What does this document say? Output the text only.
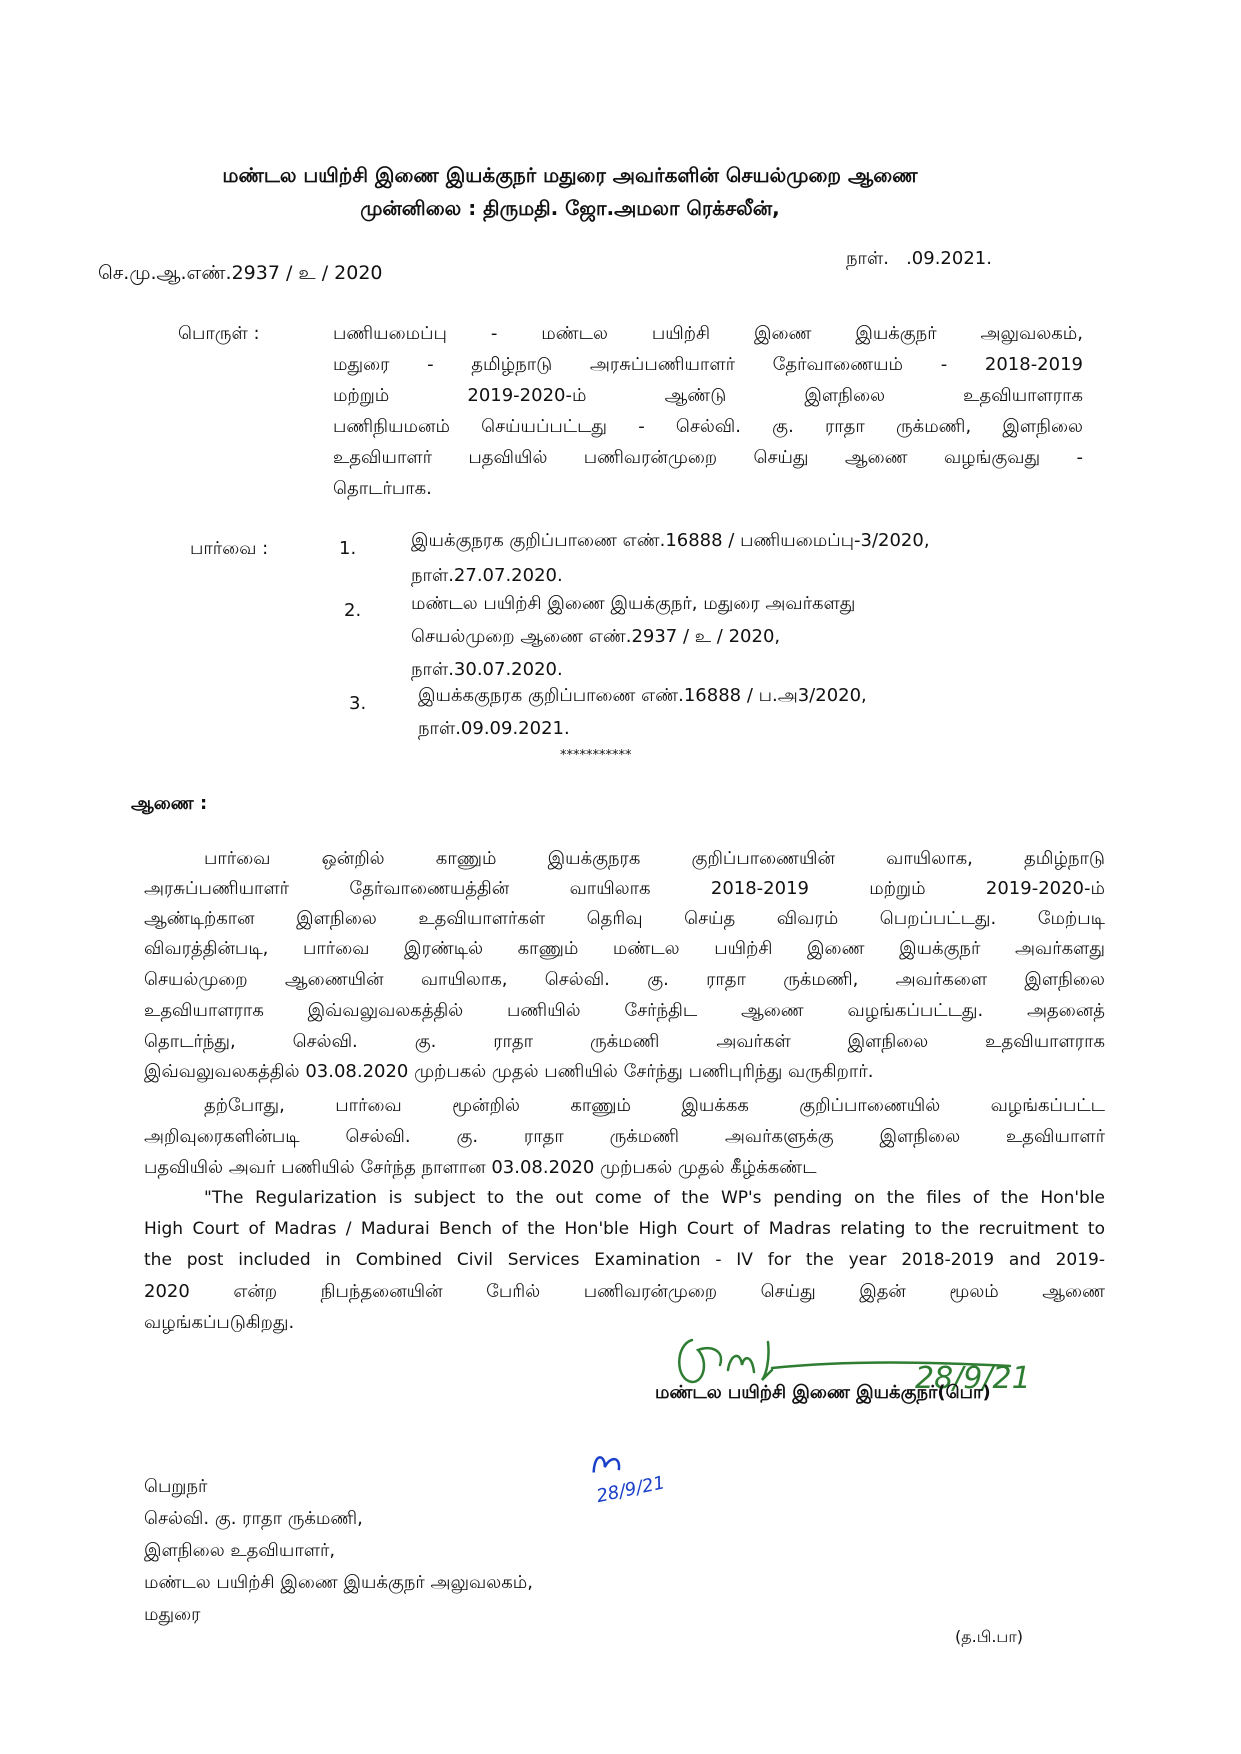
மண்டல பயிற்சி இணை இயக்குநர் மதுரை அவர்களின் செயல்முறை ஆணை
முன்னிலை : திருமதி. ஜோ.அமலா ரெக்சலீன்,
செ.மு.ஆ.எண்.2937 / உ / 2020
நாள்.   .09.2021.
பொருள் :	பணியமைப்பு - மண்டல பயிற்சி இணை இயக்குநர் அலுவலகம்,
மதுரை - தமிழ்நாடு அரசுப்பணியாளர் தேர்வாணையம் - 2018-2019
மற்றும் 2019-2020-ம் ஆண்டு இளநிலை உதவியாளராக
பணிநியமனம் செய்யப்பட்டது - செல்வி. கு. ராதா ருக்மணி, இளநிலை
உதவியாளர் பதவியில் பணிவரன்முறை செய்து ஆணை வழங்குவது -
தொடர்பாக.
பார்வை :	1.	இயக்குநரக குறிப்பாணை எண்.16888 / பணியமைப்பு-3/2020,
நாள்.27.07.2020.
2.	மண்டல பயிற்சி இணை இயக்குநர், மதுரை அவர்களது
செயல்முறை ஆணை எண்.2937 / உ / 2020,
நாள்.30.07.2020.
3.	இயக்ககுநரக குறிப்பாணை எண்.16888 / ப.அ3/2020,
நாள்.09.09.2021.
***********
ஆணை :
பார்வை ஒன்றில் காணும் இயக்குநரக குறிப்பாணையின் வாயிலாக, தமிழ்நாடு
அரசுப்பணியாளர் தேர்வாணையத்தின் வாயிலாக 2018-2019 மற்றும் 2019-2020-ம்
ஆண்டிற்கான இளநிலை உதவியாளர்கள் தெரிவு செய்த விவரம் பெறப்பட்டது. மேற்படி
விவரத்தின்படி, பார்வை இரண்டில் காணும் மண்டல பயிற்சி இணை இயக்குநர் அவர்களது
செயல்முறை ஆணையின் வாயிலாக, செல்வி. கு. ராதா ருக்மணி, அவர்களை இளநிலை
உதவியாளராக இவ்வலுவலகத்தில் பணியில் சேர்ந்திட ஆணை வழங்கப்பட்டது. அதனைத்
தொடர்ந்து, செல்வி. கு. ராதா ருக்மணி அவர்கள் இளநிலை உதவியாளராக
இவ்வலுவலகத்தில் 03.08.2020 முற்பகல் முதல் பணியில் சேர்ந்து பணிபுரிந்து வருகிறார்.
தற்போது, பார்வை மூன்றில் காணும் இயக்கக குறிப்பாணையில் வழங்கப்பட்ட
அறிவுரைகளின்படி செல்வி. கு. ராதா ருக்மணி அவர்களுக்கு இளநிலை உதவியாளர்
பதவியில் அவர் பணியில் சேர்ந்த நாளான 03.08.2020 முற்பகல் முதல் கீழ்க்கண்ட
"The Regularization is subject to the out come of the WP's pending on the files of the Hon'ble
High Court of Madras / Madurai Bench of the Hon'ble High Court of Madras relating to the recruitment to
the post included in Combined Civil Services Examination - IV for the year 2018-2019 and 2019-
2020 என்ற நிபந்தனையின் பேரில் பணிவரன்முறை செய்து இதன் மூலம் ஆணை
வழங்கப்படுகிறது.
28/9/21
மண்டல பயிற்சி இணை இயக்குநர்(பொ)
28/9/21
பெறுநர்
செல்வி. கு. ராதா ருக்மணி,
இளநிலை உதவியாளர்,
மண்டல பயிற்சி இணை இயக்குநர் அலுவலகம்,
மதுரை
(த.பி.பா)
